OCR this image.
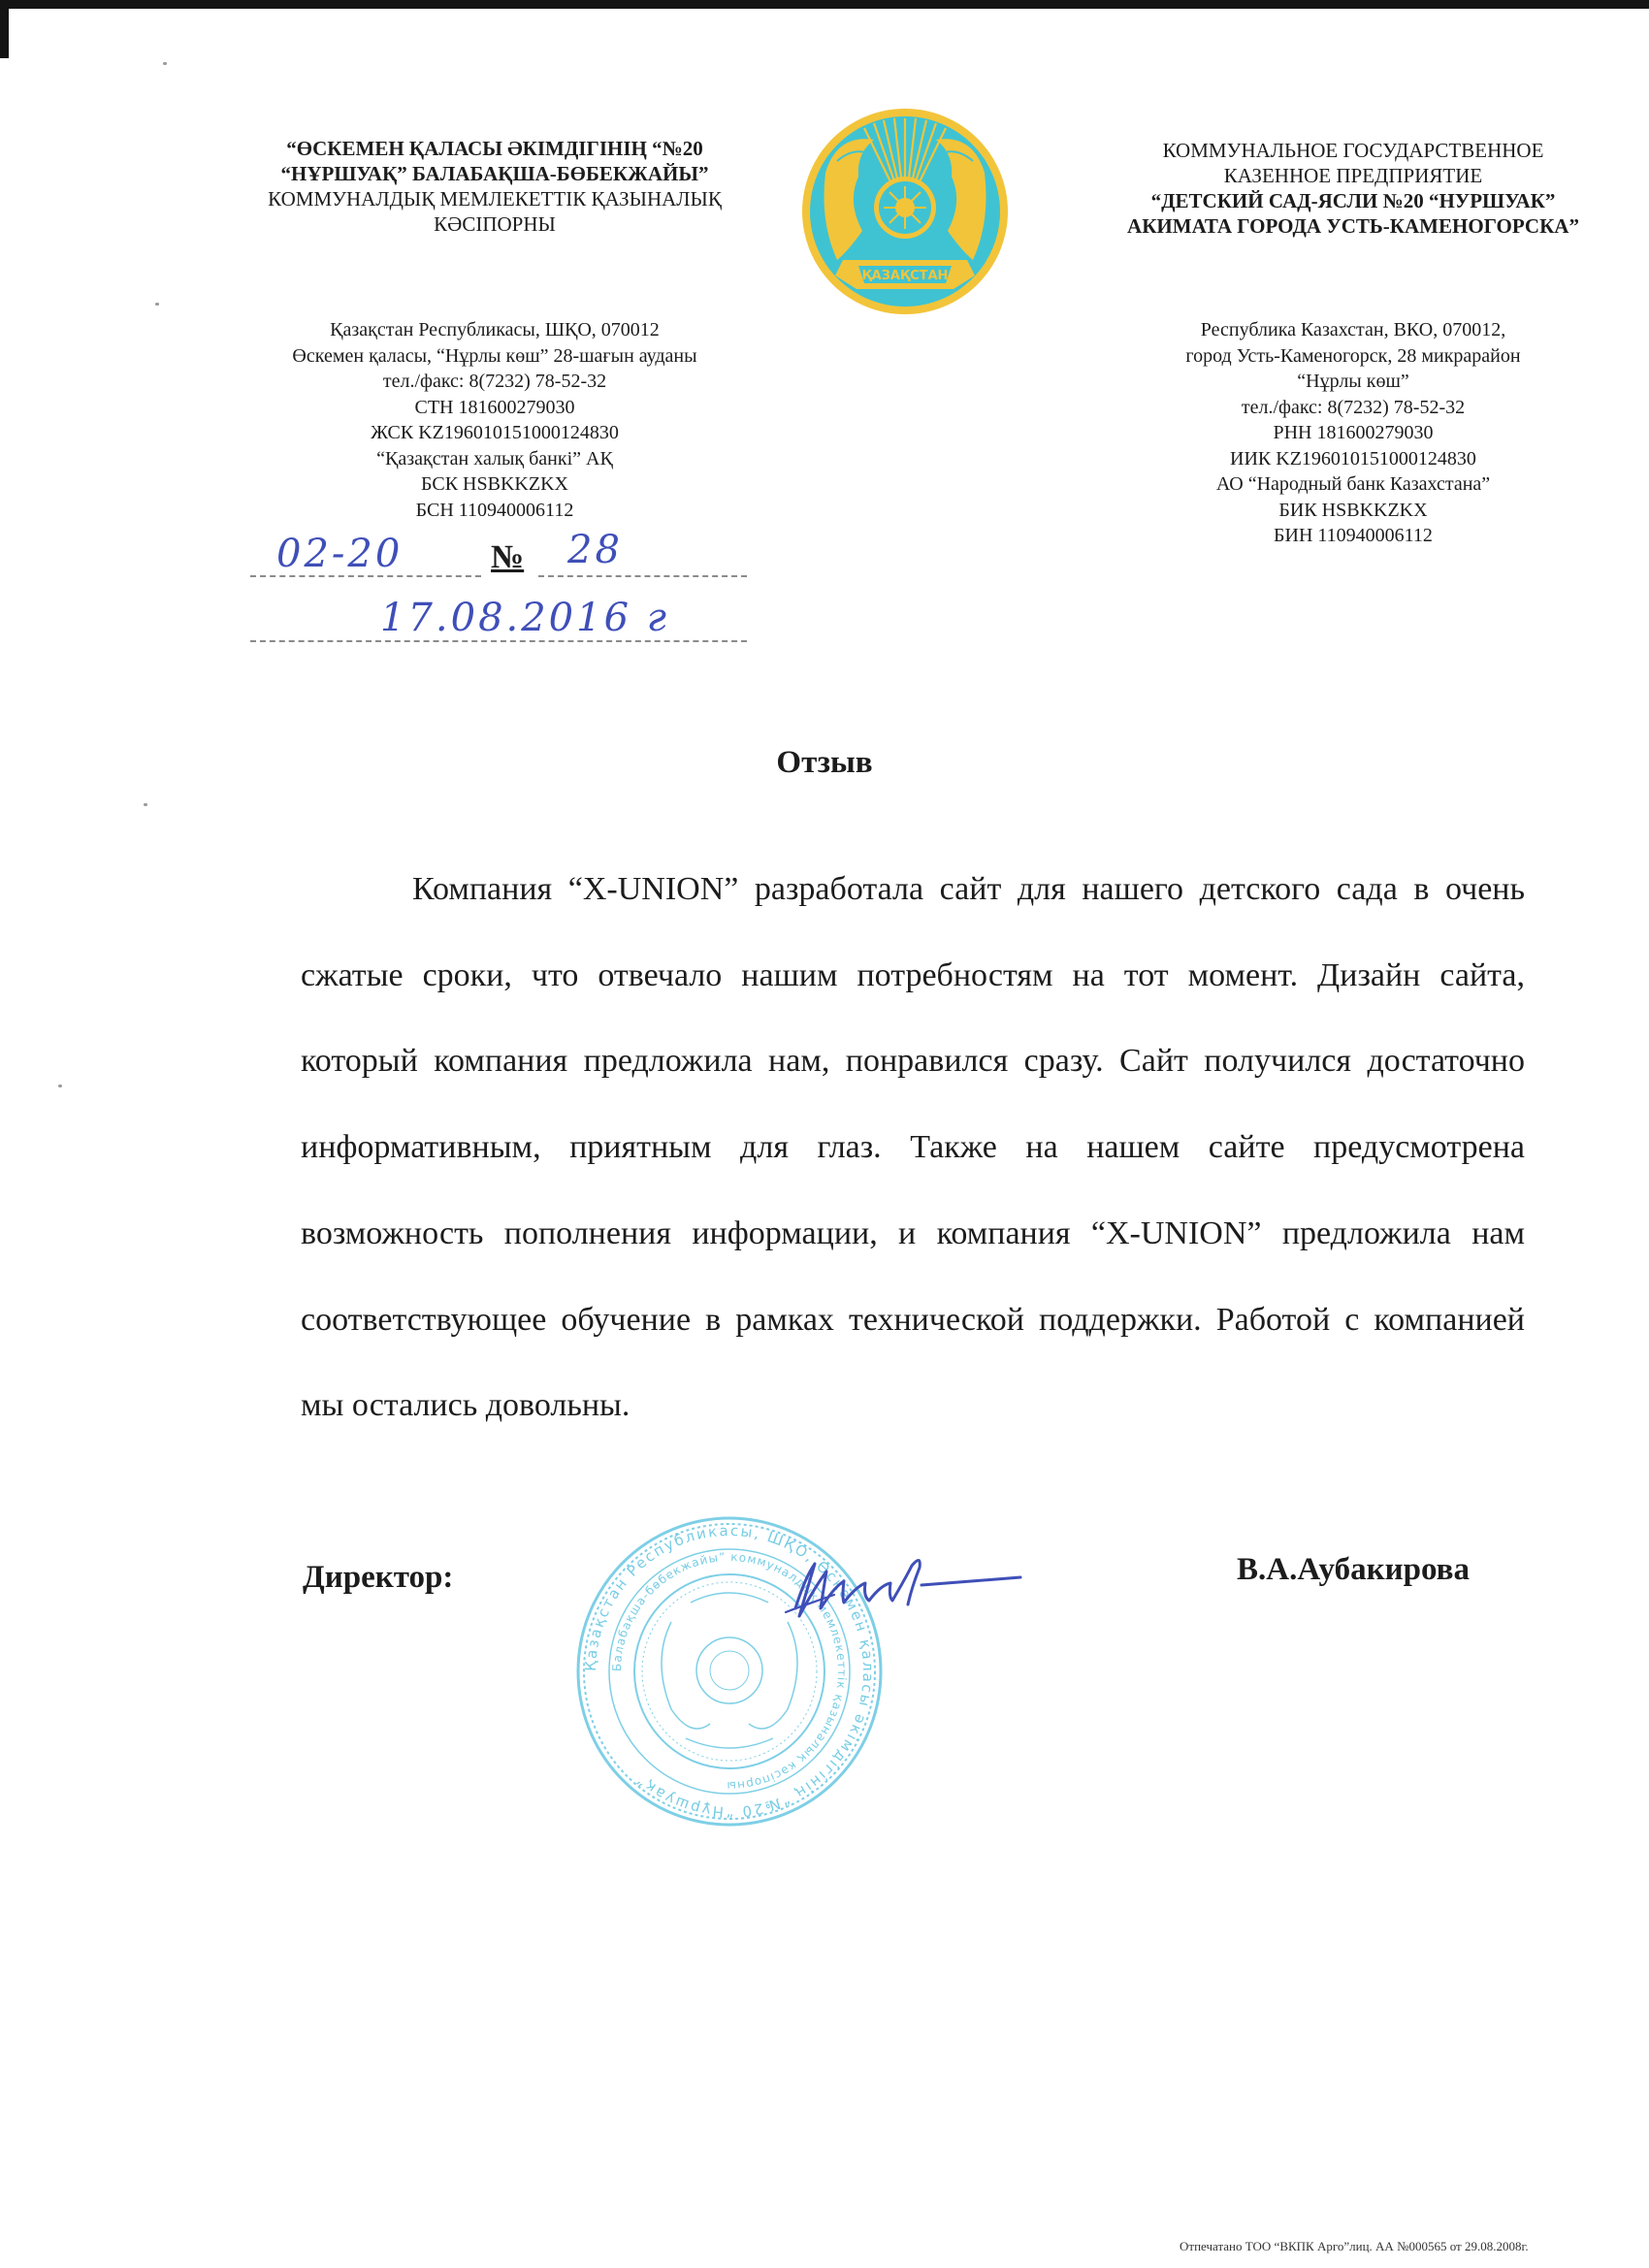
“ӨСКЕМЕН ҚАЛАСЫ ӘКІМДІГІНІҢ “№20
“НҰРШУАҚ” БАЛАБАҚША-БӨБЕКЖАЙЫ”
КОММУНАЛДЫҚ МЕМЛЕКЕТТІК ҚАЗЫНАЛЫҚ
КӘСІПОРНЫ
Қазақстан Республикасы, ШҚО, 070012
Өскемен қаласы, “Нұрлы көш” 28-шағын ауданы
тел./факс: 8(7232) 78-52-32
СТН 181600279030
ЖСК KZ196010151000124830
“Қазақстан халық банкі” АҚ
БСК HSBKKZKX
БСН 110940006112
ҚАЗАҚСТАН
КОММУНАЛЬНОЕ ГОСУДАРСТВЕННОЕ
КАЗЕННОЕ ПРЕДПРИЯТИЕ
“ДЕТСКИЙ САД-ЯСЛИ №20 “НУРШУАК”
АКИМАТА ГОРОДА УСТЬ-КАМЕНОГОРСКА”
Республика Казахстан, ВКО, 070012,
город Усть-Каменогорск, 28 микрарайон
“Нұрлы көш”
тел./факс: 8(7232) 78-52-32
РНН 181600279030
ИИК KZ196010151000124830
АО “Народный банк Казахстана”
БИК HSBKKZKX
БИН 110940006112
02-20	№ 28
17.08.2016 г
Отзыв
Компания “X-UNION” разработала сайт для нашего детского сада в очень сжатые сроки, что отвечало нашим потребностям на тот момент. Дизайн сайта, который компания предложила нам, понравился сразу. Сайт получился достаточно информативным, приятным для глаз. Также на нашем сайте предусмотрена возможность пополнения информации, и компания “X-UNION” предложила нам соответствующее обучение в рамках технической поддержки. Работой с компанией мы остались довольны.
Қазақстан Республикасы, ШҚО, Өскемен қаласы әкімдігінің “№20 “Нұршуақ”
Балабақша-бөбекжайы” коммуналдық мемлекеттік қазыналық кәсіпорны
Директор:	В.А.Аубакирова
Отпечатано ТОО “ВКПК Арго”лиц. АА №000565 от 29.08.2008г.
